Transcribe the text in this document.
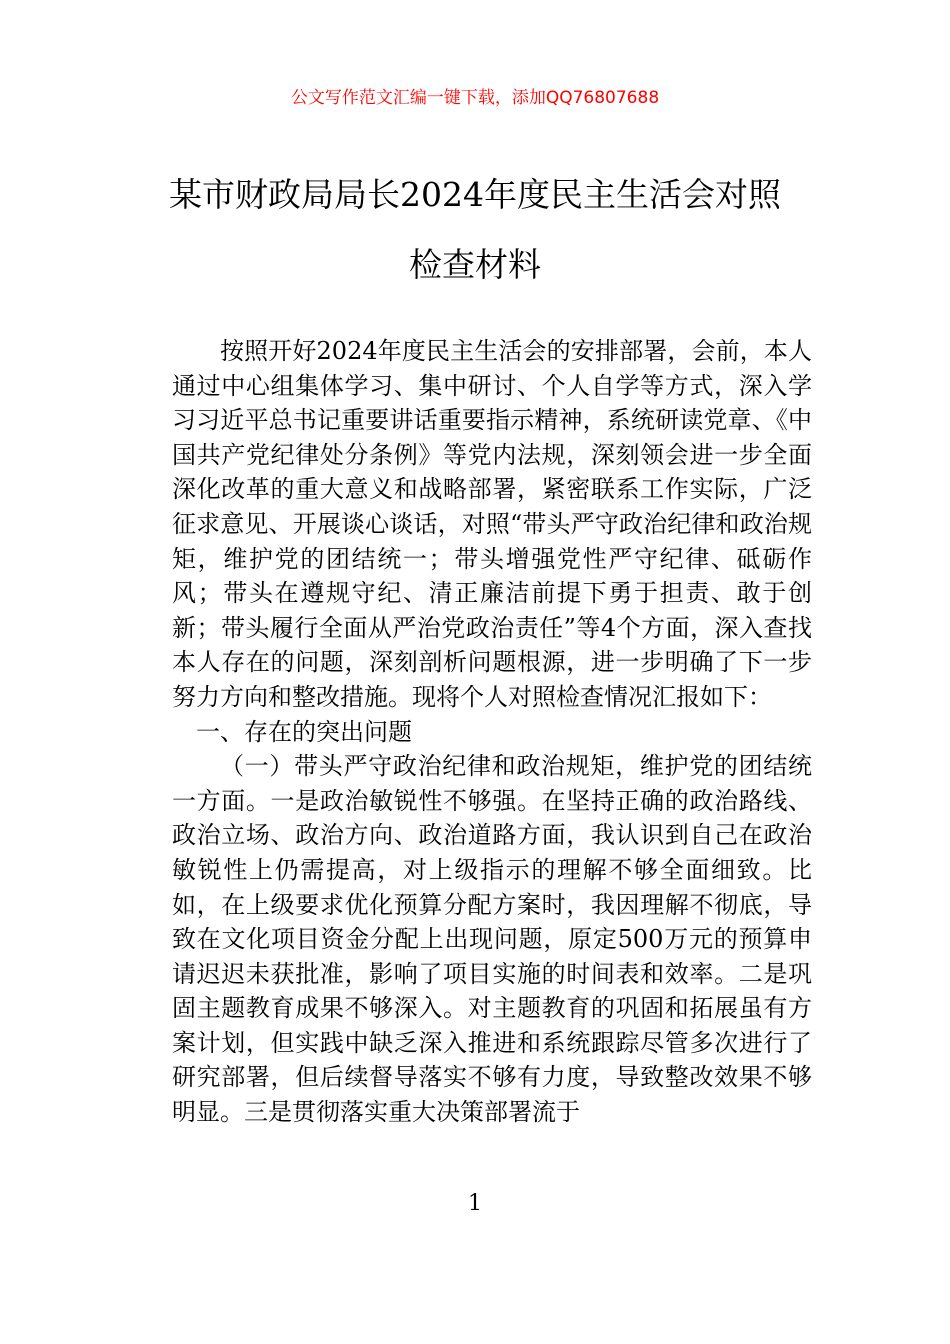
公文写作范文汇编一键下载，添加QQ76807688
某市财政局局长2024年度民主生活会对照
检查材料

按照开好2024年度民主生活会的安排部署，会前，本人通过中心组集体学习、集中研讨、个人自学等方式，深入学习习近平总书记重要讲话重要指示精神，系统研读党章、《中国共产党纪律处分条例》等党内法规，深刻领会进一步全面深化改革的重大意义和战略部署，紧密联系工作实际，广泛征求意见、开展谈心谈话，对照“带头严守政治纪律和政治规矩，维护党的团结统一；带头增强党性严守纪律、砥砺作风；带头在遵规守纪、清正廉洁前提下勇于担责、敢于创新；带头履行全面从严治党政治责任”等4个方面，深入查找本人存在的问题，深刻剖析问题根源，进一步明确了下一步努力方向和整改措施。现将个人对照检查情况汇报如下：

一、存在的突出问题

（一）带头严守政治纪律和政治规矩，维护党的团结统一方面。一是政治敏锐性不够强。在坚持正确的政治路线、政治立场、政治方向、政治道路方面，我认识到自己在政治敏锐性上仍需提高，对上级指示的理解不够全面细致。比如，在上级要求优化预算分配方案时，我因理解不彻底，导致在文化项目资金分配上出现问题，原定500万元的预算申请迟迟未获批准，影响了项目实施的时间表和效率。二是巩固主题教育成果不够深入。对主题教育的巩固和拓展虽有方案计划，但实践中缺乏深入推进和系统跟踪尽管多次进行了研究部署，但后续督导落实不够有力度，导致整改效果不够明显。三是贯彻落实重大决策部署流于

1
